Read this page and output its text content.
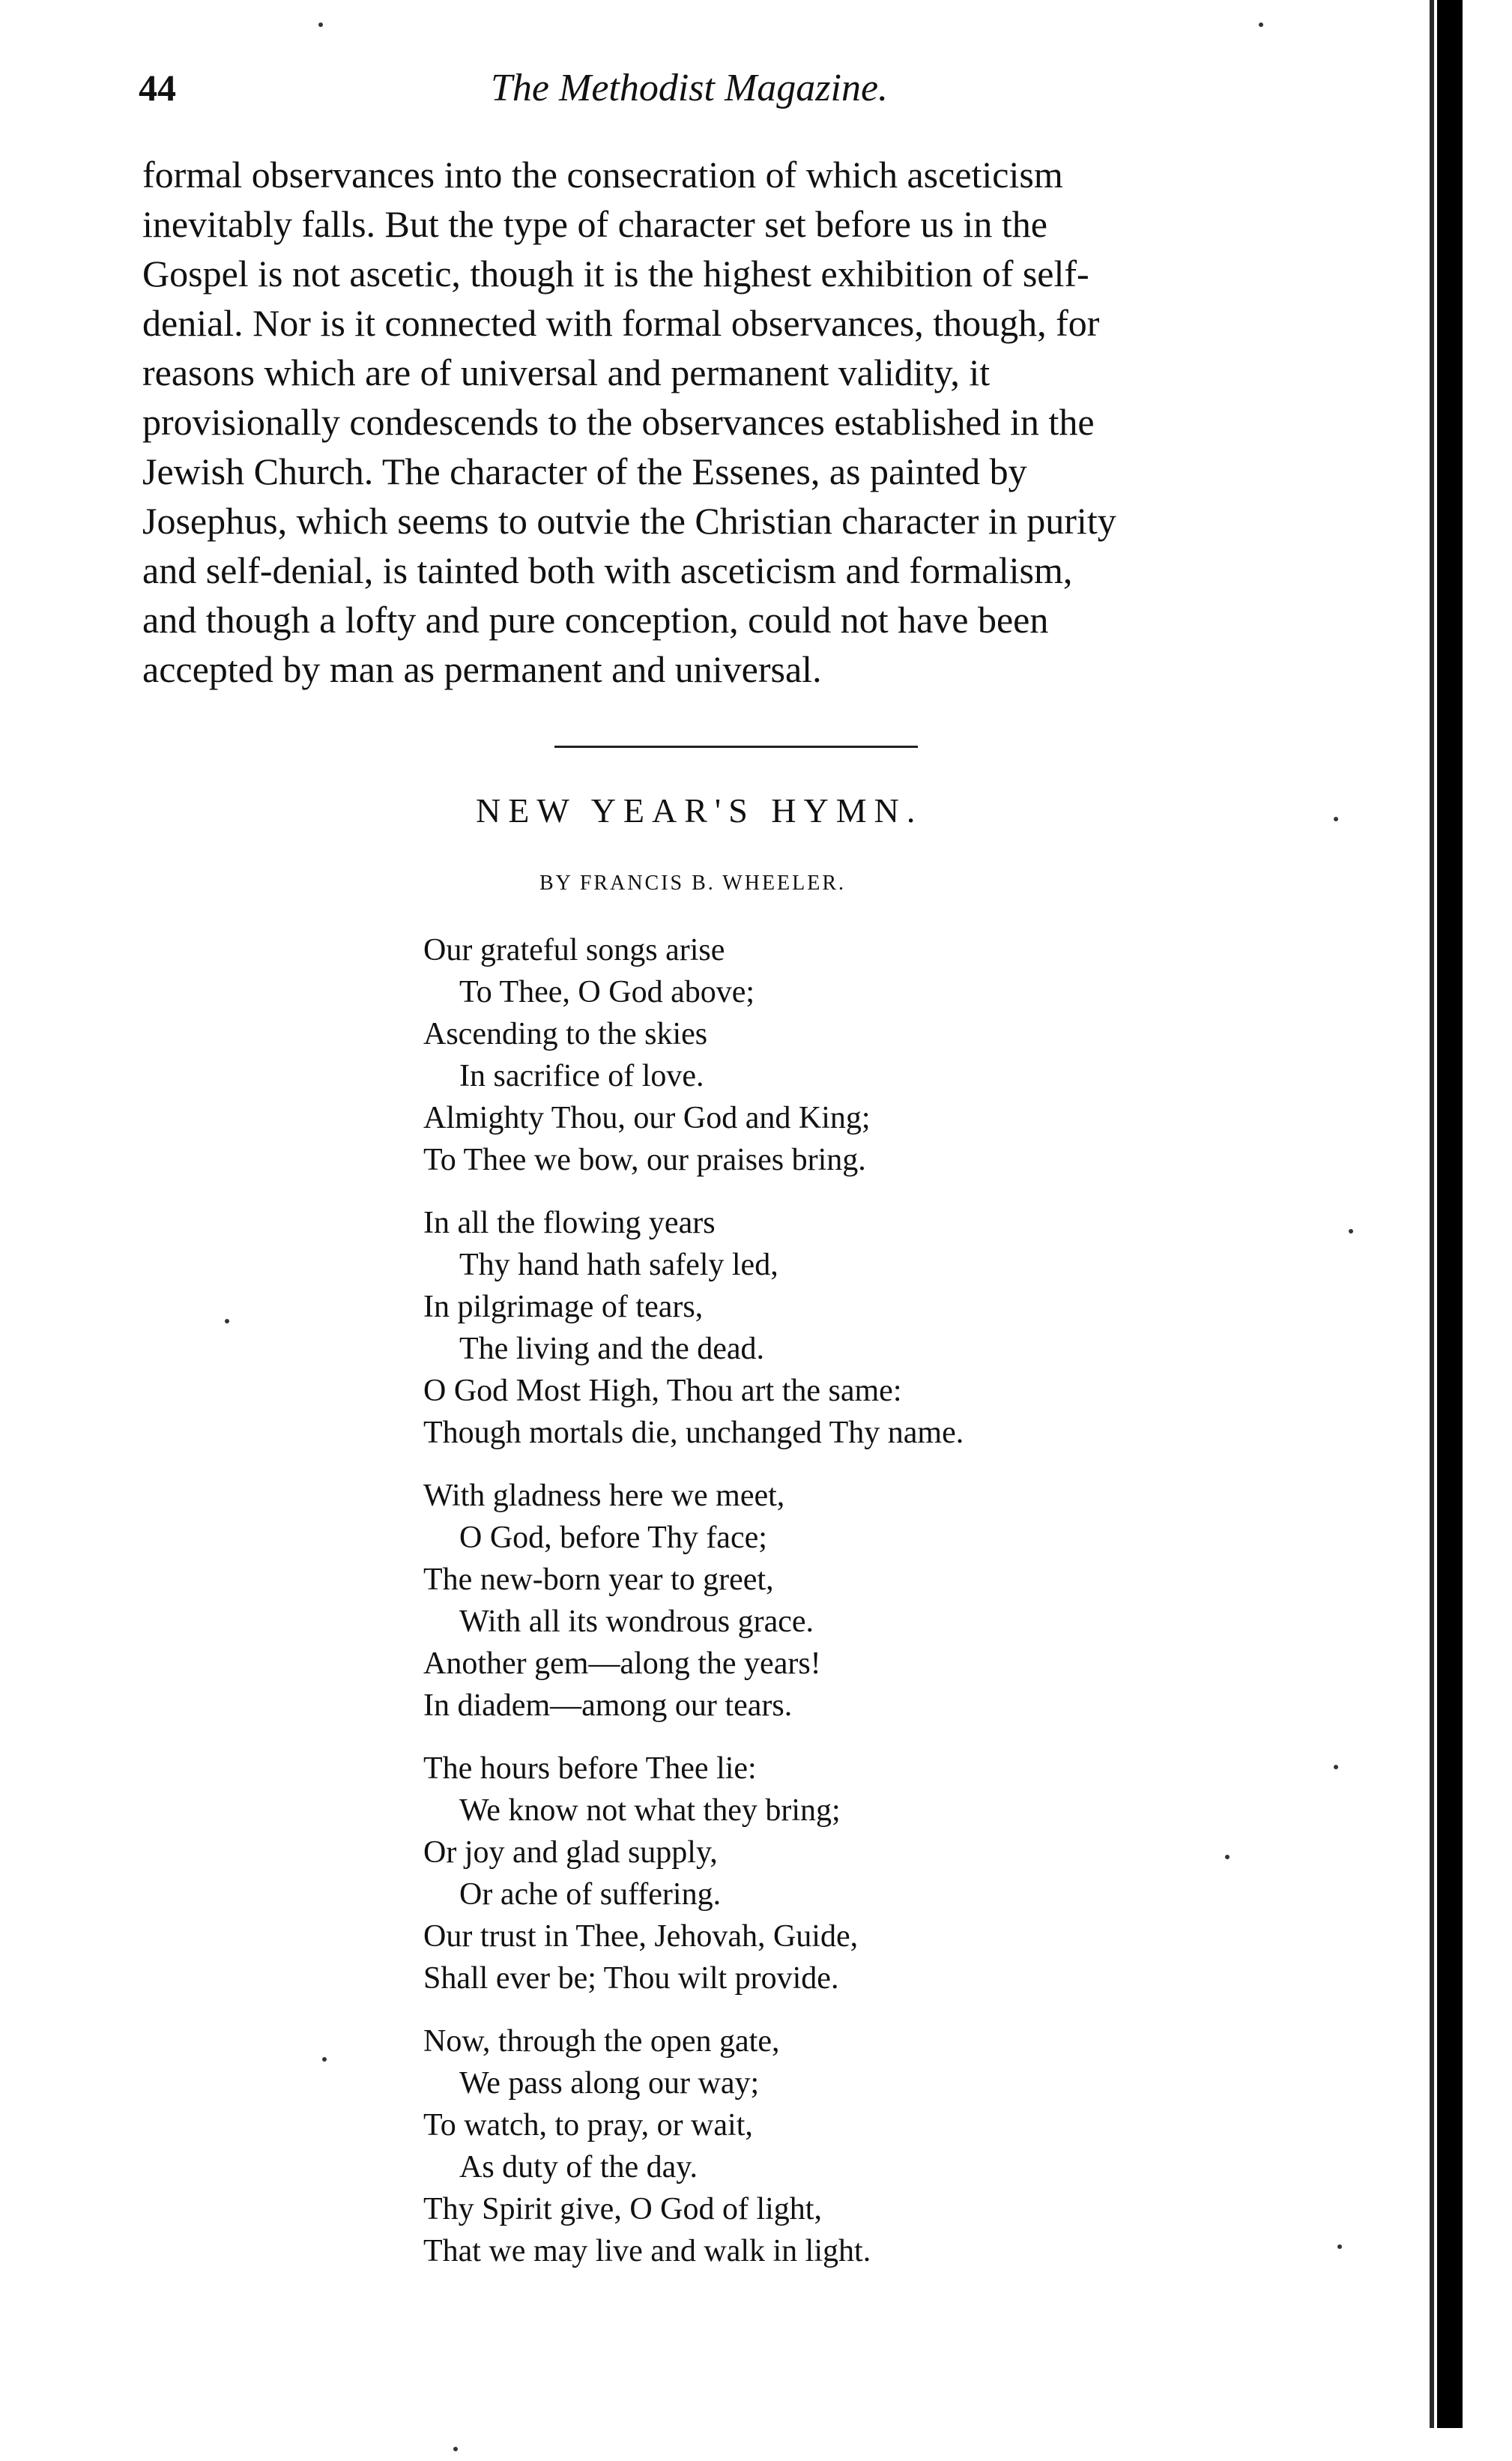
44	The Methodist Magazine.
formal observances into the consecration of which asceticism
inevitably falls. But the type of character set before us in the
Gospel is not ascetic, though it is the highest exhibition of self-
denial. Nor is it connected with formal observances, though, for
reasons which are of universal and permanent validity, it
provisionally condescends to the observances established in the
Jewish Church. The character of the Essenes, as painted by
Josephus, which seems to outvie the Christian character in purity
and self-denial, is tainted both with asceticism and formalism,
and though a lofty and pure conception, could not have been
accepted by man as permanent and universal.
NEW YEAR'S HYMN.
BY FRANCIS B. WHEELER.
Our grateful songs arise
To Thee, O God above;
Ascending to the skies
In sacrifice of love.
Almighty Thou, our God and King;
To Thee we bow, our praises bring.
In all the flowing years
Thy hand hath safely led,
In pilgrimage of tears,
The living and the dead.
O God Most High, Thou art the same:
Though mortals die, unchanged Thy name.
With gladness here we meet,
O God, before Thy face;
The new-born year to greet,
With all its wondrous grace.
Another gem—along the years!
In diadem—among our tears.
The hours before Thee lie:
We know not what they bring;
Or joy and glad supply,
Or ache of suffering.
Our trust in Thee, Jehovah, Guide,
Shall ever be; Thou wilt provide.
Now, through the open gate,
We pass along our way;
To watch, to pray, or wait,
As duty of the day.
Thy Spirit give, O God of light,
That we may live and walk in light.
